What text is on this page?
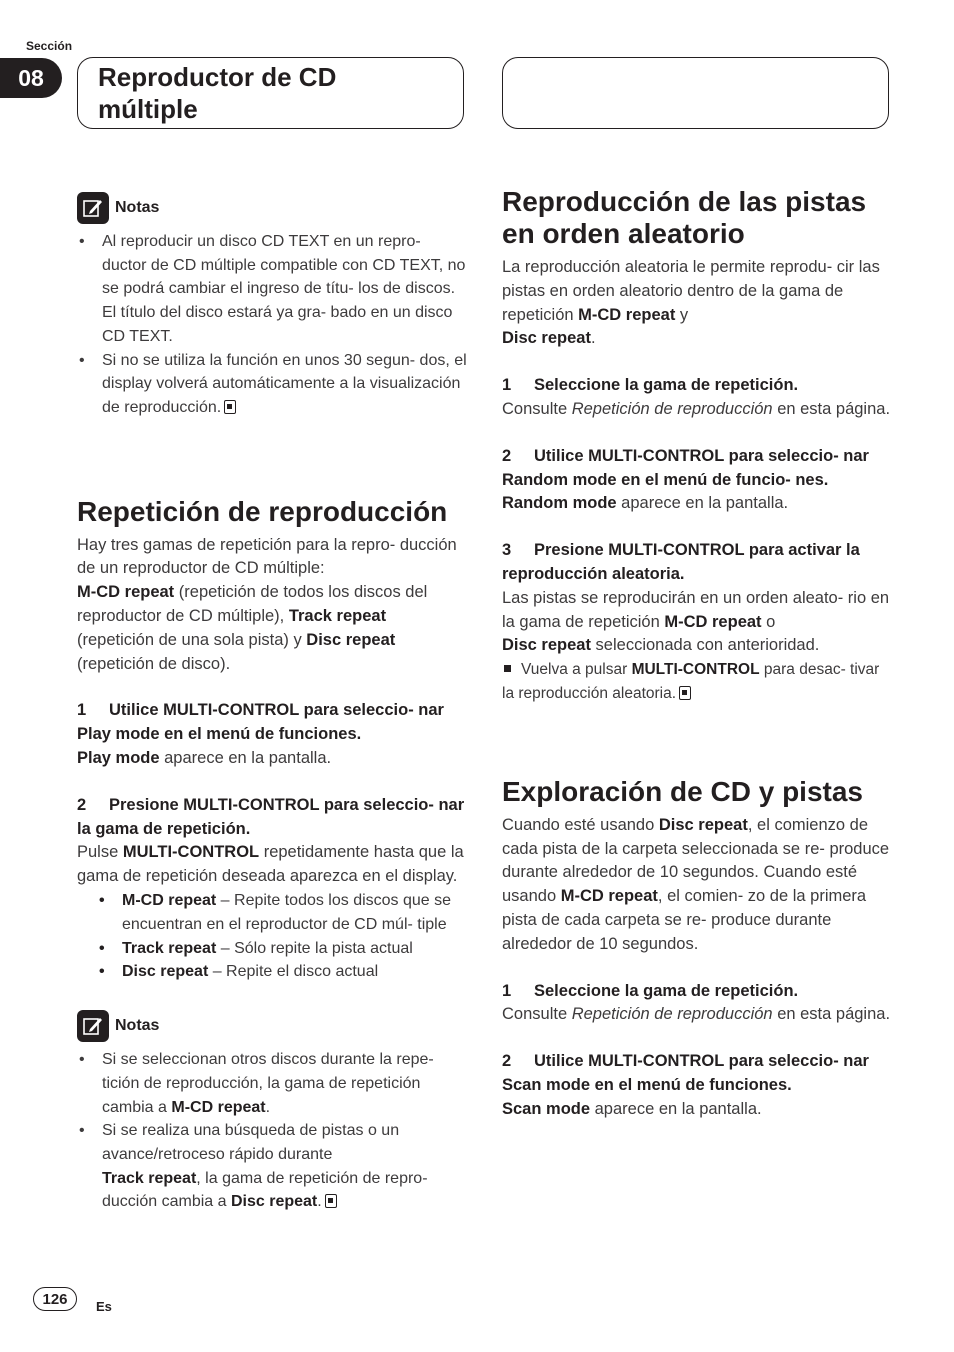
Sección
08	Reproductor de CD
múltiple
Notas
• Al reproducir un disco CD TEXT en un repro- ductor de CD múltiple compatible con CD TEXT, no se podrá cambiar el ingreso de títu- los de discos. El título del disco estará ya gra- bado en un disco CD TEXT.
• Si no se utiliza la función en unos 30 segun- dos, el display volverá automáticamente a la visualización de reproducción.
Repetición de reproducción

Hay tres gamas de repetición para la repro- ducción de un reproductor de CD múltiple:
M-CD repeat (repetición de todos los discos del reproductor de CD múltiple), Track repeat (repetición de una sola pista) y Disc repeat (repetición de disco).

1 Utilice MULTI-CONTROL para seleccio- nar Play mode en el menú de funciones.

Play mode aparece en la pantalla.

2 Presione MULTI-CONTROL para seleccio- nar la gama de repetición.

Pulse MULTI-CONTROL repetidamente hasta que la gama de repetición deseada aparezca en el display.

• M-CD repeat – Repite todos los discos que se encuentran en el reproductor de CD múl- tiple
• Track repeat – Sólo repite la pista actual
• Disc repeat – Repite el disco actual
Notas
• Si se seleccionan otros discos durante la repe- tición de reproducción, la gama de repetición cambia a M-CD repeat.
• Si se realiza una búsqueda de pistas o un avance/retroceso rápido durante
Track repeat, la gama de repetición de repro- ducción cambia a Disc repeat.
Reproducción de las pistas en orden aleatorio

La reproducción aleatoria le permite reprodu- cir las pistas en orden aleatorio dentro de la gama de repetición M-CD repeat y
Disc repeat.

1 Seleccione la gama de repetición.

Consulte Repetición de reproducción en esta página.

2 Utilice MULTI-CONTROL para seleccio- nar Random mode en el menú de funcio- nes.

Random mode aparece en la pantalla.

3 Presione MULTI-CONTROL para activar la reproducción aleatoria.

Las pistas se reproducirán en un orden aleato- rio en la gama de repetición M-CD repeat o
Disc repeat seleccionada con anterioridad.

Vuelva a pulsar MULTI-CONTROL para desac- tivar la reproducción aleatoria.

Exploración de CD y pistas

Cuando esté usando Disc repeat, el comienzo de cada pista de la carpeta seleccionada se re- produce durante alrededor de 10 segundos. Cuando esté usando M-CD repeat, el comien- zo de la primera pista de cada carpeta se re- produce durante alrededor de 10 segundos.

1 Seleccione la gama de repetición.

Consulte Repetición de reproducción en esta página.

2 Utilice MULTI-CONTROL para seleccio- nar Scan mode en el menú de funciones.

Scan mode aparece en la pantalla.

126	Es
